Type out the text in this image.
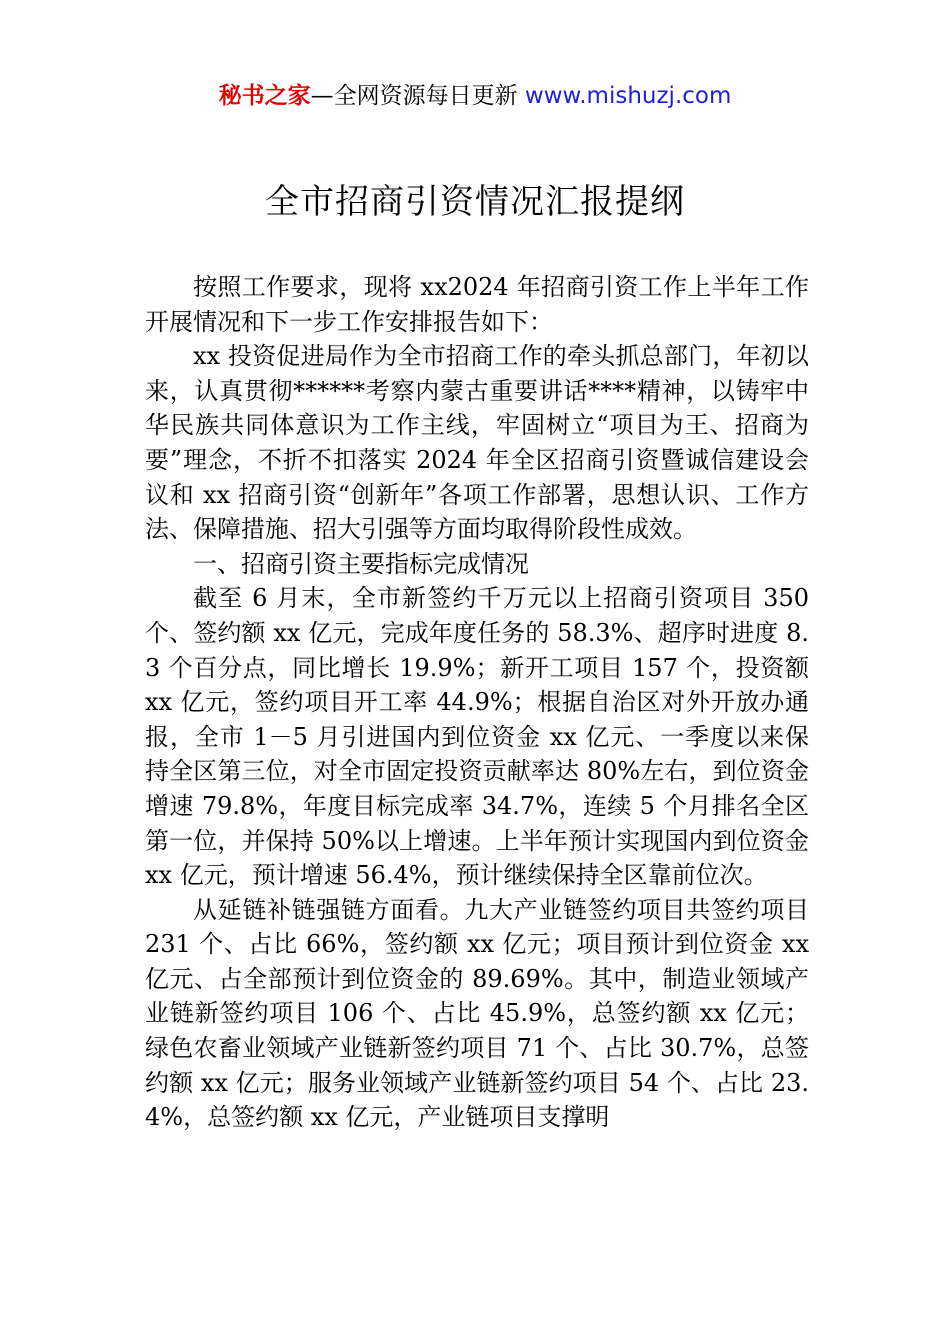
秘书之家—全网资源每日更新 www.mishuzj.com
全市招商引资情况汇报提纲

按照工作要求，现将 xx2024 年招商引资工作上半年工作开展情况和下一步工作安排报告如下：

xx 投资促进局作为全市招商工作的牵头抓总部门，年初以来，认真贯彻******考察内蒙古重要讲话****精神，以铸牢中华民族共同体意识为工作主线，牢固树立“项目为王、招商为要”理念，不折不扣落实 2024 年全区招商引资暨诚信建设会议和 xx 招商引资“创新年”各项工作部署，思想认识、工作方法、保障措施、招大引强等方面均取得阶段性成效。

一、招商引资主要指标完成情况

截至 6 月末，全市新签约千万元以上招商引资项目 350 个、签约额 xx 亿元，完成年度任务的 58.3%、超序时进度 8.3 个百分点，同比增长 19.9%；新开工项目 157 个，投资额 xx 亿元，签约项目开工率 44.9%；根据自治区对外开放办通报，全市 1－5 月引进国内到位资金 xx 亿元、一季度以来保持全区第三位，对全市固定投资贡献率达 80%左右，到位资金增速 79.8%，年度目标完成率 34.7%，连续 5 个月排名全区第一位，并保持 50%以上增速。上半年预计实现国内到位资金 xx 亿元，预计增速 56.4%，预计继续保持全区靠前位次。

从延链补链强链方面看。九大产业链签约项目共签约项目 231 个、占比 66%，签约额 xx 亿元；项目预计到位资金 xx 亿元、占全部预计到位资金的 89.69%。其中，制造业领域产业链新签约项目 106 个、占比 45.9%，总签约额 xx 亿元；绿色农畜业领域产业链新签约项目 71 个、占比 30.7%，总签约额 xx 亿元；服务业领域产业链新签约项目 54 个、占比 23.4%，总签约额 xx 亿元，产业链项目支撑明
